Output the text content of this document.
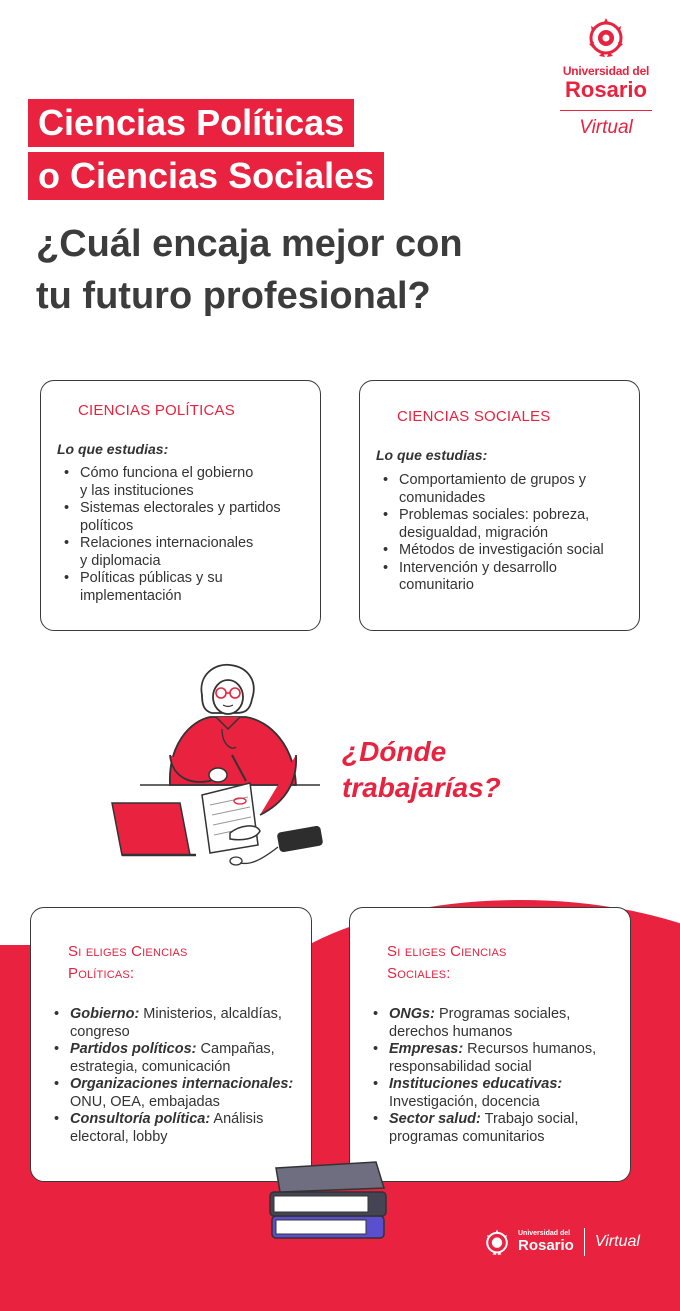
Universidad del
Rosario
Virtual
Ciencias Políticas
o Ciencias Sociales
¿Cuál encaja mejor con
tu futuro profesional?
CIENCIAS POLÍTICAS
Lo que estudias:
• Cómo funciona el gobierno
y las instituciones
• Sistemas electorales y partidos
políticos
• Relaciones internacionales
y diplomacia
• Políticas públicas y su
implementación
CIENCIAS SOCIALES
Lo que estudias:
• Comportamiento de grupos y
comunidades
• Problemas sociales: pobreza,
desigualdad, migración
• Métodos de investigación social
• Intervención y desarrollo
comunitario
¿Dónde
trabajarías?
Si eliges Ciencias
Políticas:
• Gobierno: Ministerios, alcaldías,
congreso
• Partidos políticos: Campañas,
estrategia, comunicación
• Organizaciones internacionales:
ONU, OEA, embajadas
• Consultoría política: Análisis
electoral, lobby
Si eliges Ciencias
Sociales:
• ONGs: Programas sociales,
derechos humanos
• Empresas: Recursos humanos,
responsabilidad social
• Instituciones educativas:
Investigación, docencia
• Sector salud: Trabajo social,
programas comunitarios
Universidad del
Rosario Virtual
